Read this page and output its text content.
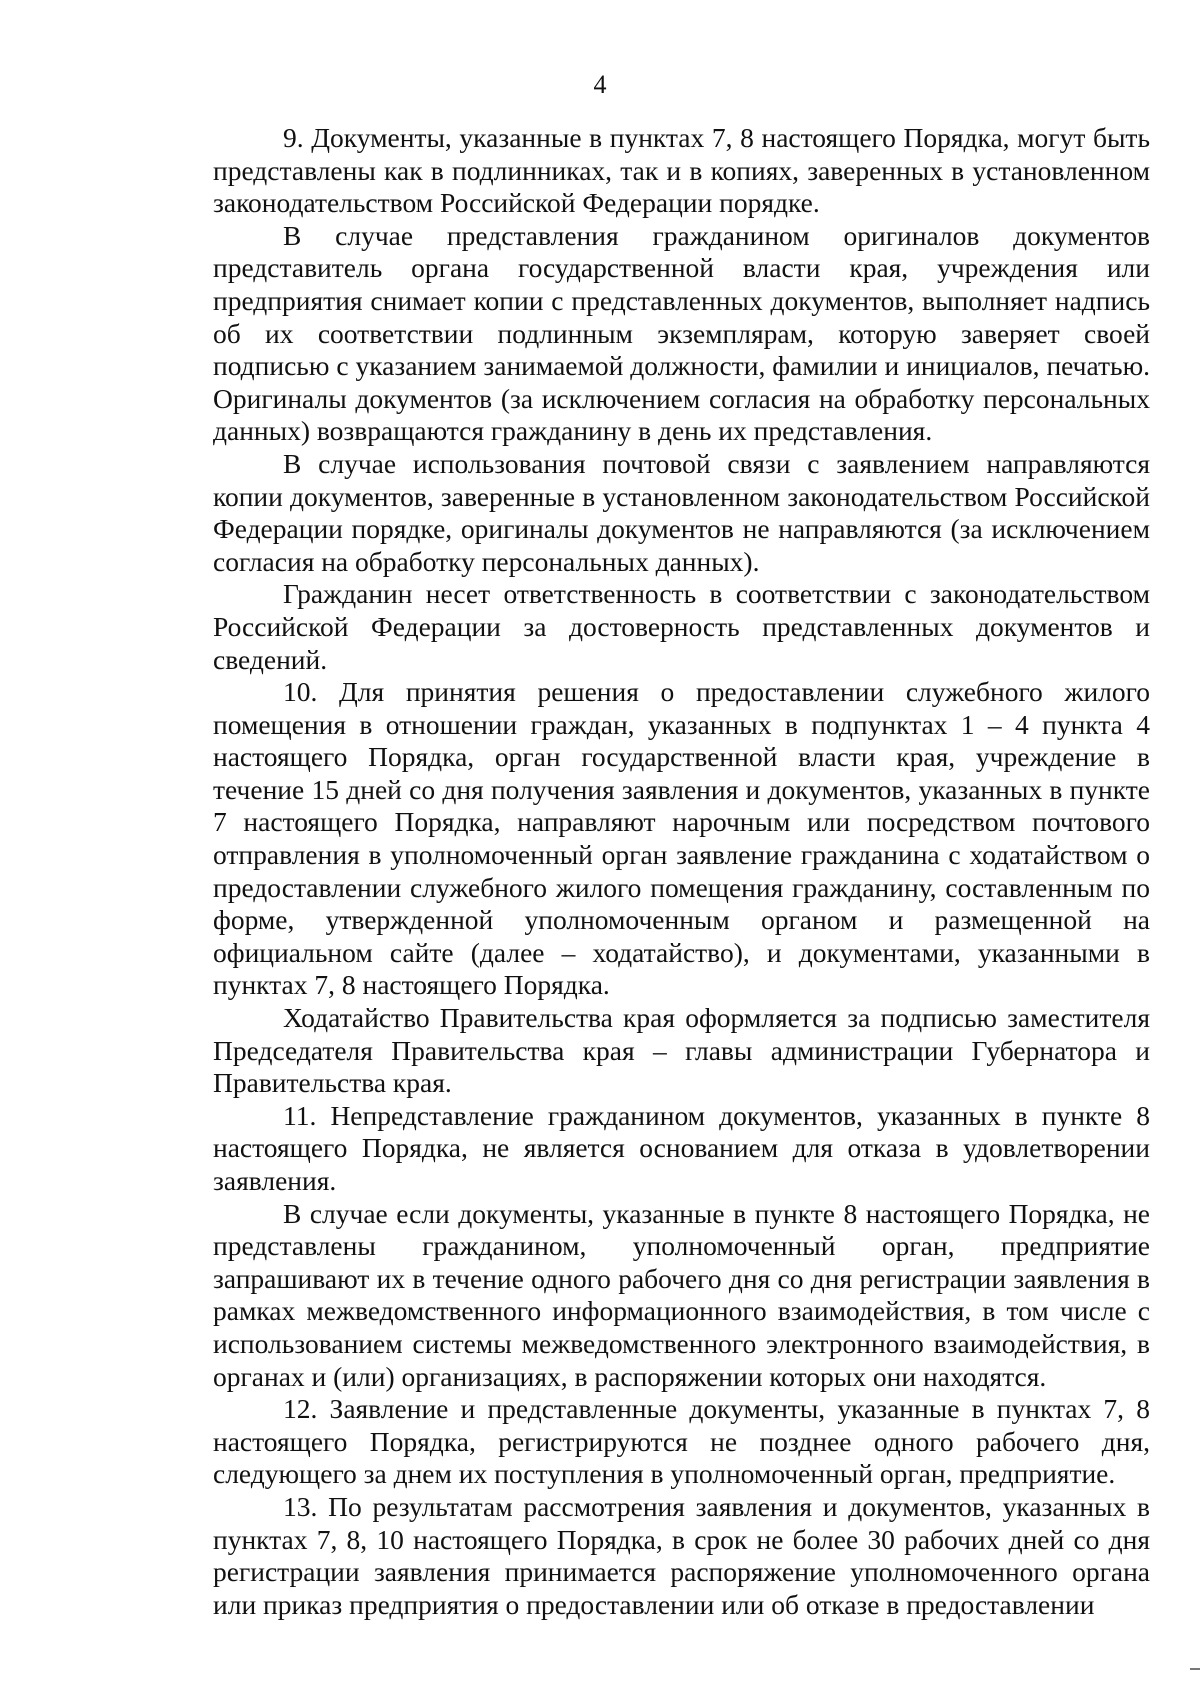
4

9. Документы, указанные в пунктах 7, 8 настоящего Порядка, могут быть представлены как в подлинниках, так и в копиях, заверенных в установленном законодательством Российской Федерации порядке.

В случае представления гражданином оригиналов документов представитель органа государственной власти края, учреждения или предприятия снимает копии с представленных документов, выполняет надпись об их соответствии подлинным экземплярам, которую заверяет своей подписью с указанием занимаемой должности, фамилии и инициалов, печатью. Оригиналы документов (за исключением согласия на обработку персональных данных) возвращаются гражданину в день их представления.

В случае использования почтовой связи с заявлением направляются копии документов, заверенные в установленном законодательством Российской Федерации порядке, оригиналы документов не направляются (за исключением согласия на обработку персональных данных).

Гражданин несет ответственность в соответствии с законодательством Российской Федерации за достоверность представленных документов и сведений.

10. Для принятия решения о предоставлении служебного жилого помещения в отношении граждан, указанных в подпунктах 1 – 4 пункта 4 настоящего Порядка, орган государственной власти края, учреждение в течение 15 дней со дня получения заявления и документов, указанных в пункте 7 настоящего Порядка, направляют нарочным или посредством почтового отправления в уполномоченный орган заявление гражданина с ходатайством о предоставлении служебного жилого помещения гражданину, составленным по форме, утвержденной уполномоченным органом и размещенной на официальном сайте (далее – ходатайство), и документами, указанными в пунктах 7, 8 настоящего Порядка.

Ходатайство Правительства края оформляется за подписью заместителя Председателя Правительства края – главы администрации Губернатора и Правительства края.

11. Непредставление гражданином документов, указанных в пункте 8 настоящего Порядка, не является основанием для отказа в удовлетворении заявления.

В случае если документы, указанные в пункте 8 настоящего Порядка, не представлены гражданином, уполномоченный орган, предприятие запрашивают их в течение одного рабочего дня со дня регистрации заявления в рамках межведомственного информационного взаимодействия, в том числе с использованием системы межведомственного электронного взаимодействия, в органах и (или) организациях, в распоряжении которых они находятся.

12. Заявление и представленные документы, указанные в пунктах 7, 8 настоящего Порядка, регистрируются не позднее одного рабочего дня, следующего за днем их поступления в уполномоченный орган, предприятие.

13. По результатам рассмотрения заявления и документов, указанных в пунктах 7, 8, 10 настоящего Порядка, в срок не более 30 рабочих дней со дня регистрации заявления принимается распоряжение уполномоченного органа или приказ предприятия о предоставлении или об отказе в предоставлении
